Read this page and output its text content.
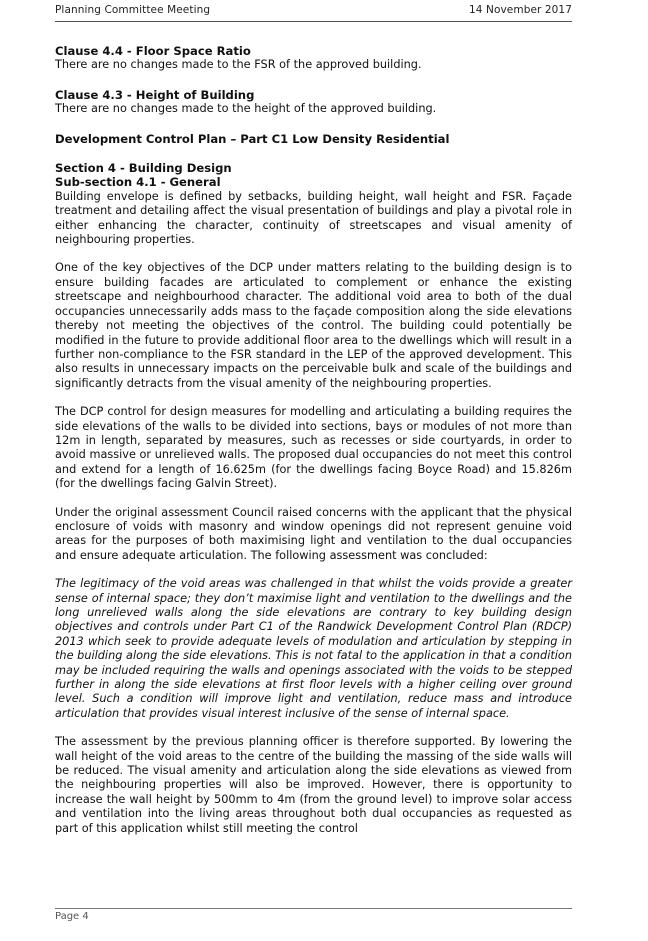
Planning Committee Meeting	14 November 2017
Clause 4.4 - Floor Space Ratio

There are no changes made to the FSR of the approved building.

Clause 4.3 - Height of Building

There are no changes made to the height of the approved building.

Development Control Plan – Part C1 Low Density Residential
Section 4 - Building Design
Sub-section 4.1 - General

Building envelope is defined by setbacks, building height, wall height and FSR. Façade treatment and detailing affect the visual presentation of buildings and play a pivotal role in either enhancing the character, continuity of streetscapes and visual amenity of neighbouring properties.

One of the key objectives of the DCP under matters relating to the building design is to ensure building facades are articulated to complement or enhance the existing streetscape and neighbourhood character. The additional void area to both of the dual occupancies unnecessarily adds mass to the façade composition along the side elevations thereby not meeting the objectives of the control. The building could potentially be modified in the future to provide additional floor area to the dwellings which will result in a further non-compliance to the FSR standard in the LEP of the approved development. This also results in unnecessary impacts on the perceivable bulk and scale of the buildings and significantly detracts from the visual amenity of the neighbouring properties.

The DCP control for design measures for modelling and articulating a building requires the side elevations of the walls to be divided into sections, bays or modules of not more than 12m in length, separated by measures, such as recesses or side courtyards, in order to avoid massive or unrelieved walls. The proposed dual occupancies do not meet this control and extend for a length of 16.625m (for the dwellings facing Boyce Road) and 15.826m (for the dwellings facing Galvin Street).

Under the original assessment Council raised concerns with the applicant that the physical enclosure of voids with masonry and window openings did not represent genuine void areas for the purposes of both maximising light and ventilation to the dual occupancies and ensure adequate articulation. The following assessment was concluded:

The legitimacy of the void areas was challenged in that whilst the voids provide a greater sense of internal space; they don’t maximise light and ventilation to the dwellings and the long unrelieved walls along the side elevations are contrary to key building design objectives and controls under Part C1 of the Randwick Development Control Plan (RDCP) 2013 which seek to provide adequate levels of modulation and articulation by stepping in the building along the side elevations. This is not fatal to the application in that a condition may be included requiring the walls and openings associated with the voids to be stepped further in along the side elevations at first floor levels with a higher ceiling over ground level. Such a condition will improve light and ventilation, reduce mass and introduce articulation that provides visual interest inclusive of the sense of internal space.

The assessment by the previous planning officer is therefore supported. By lowering the wall height of the void areas to the centre of the building the massing of the side walls will be reduced. The visual amenity and articulation along the side elevations as viewed from the neighbouring properties will also be improved. However, there is opportunity to increase the wall height by 500mm to 4m (from the ground level) to improve solar access and ventilation into the living areas throughout both dual occupancies as requested as part of this application whilst still meeting the control

Page 4
